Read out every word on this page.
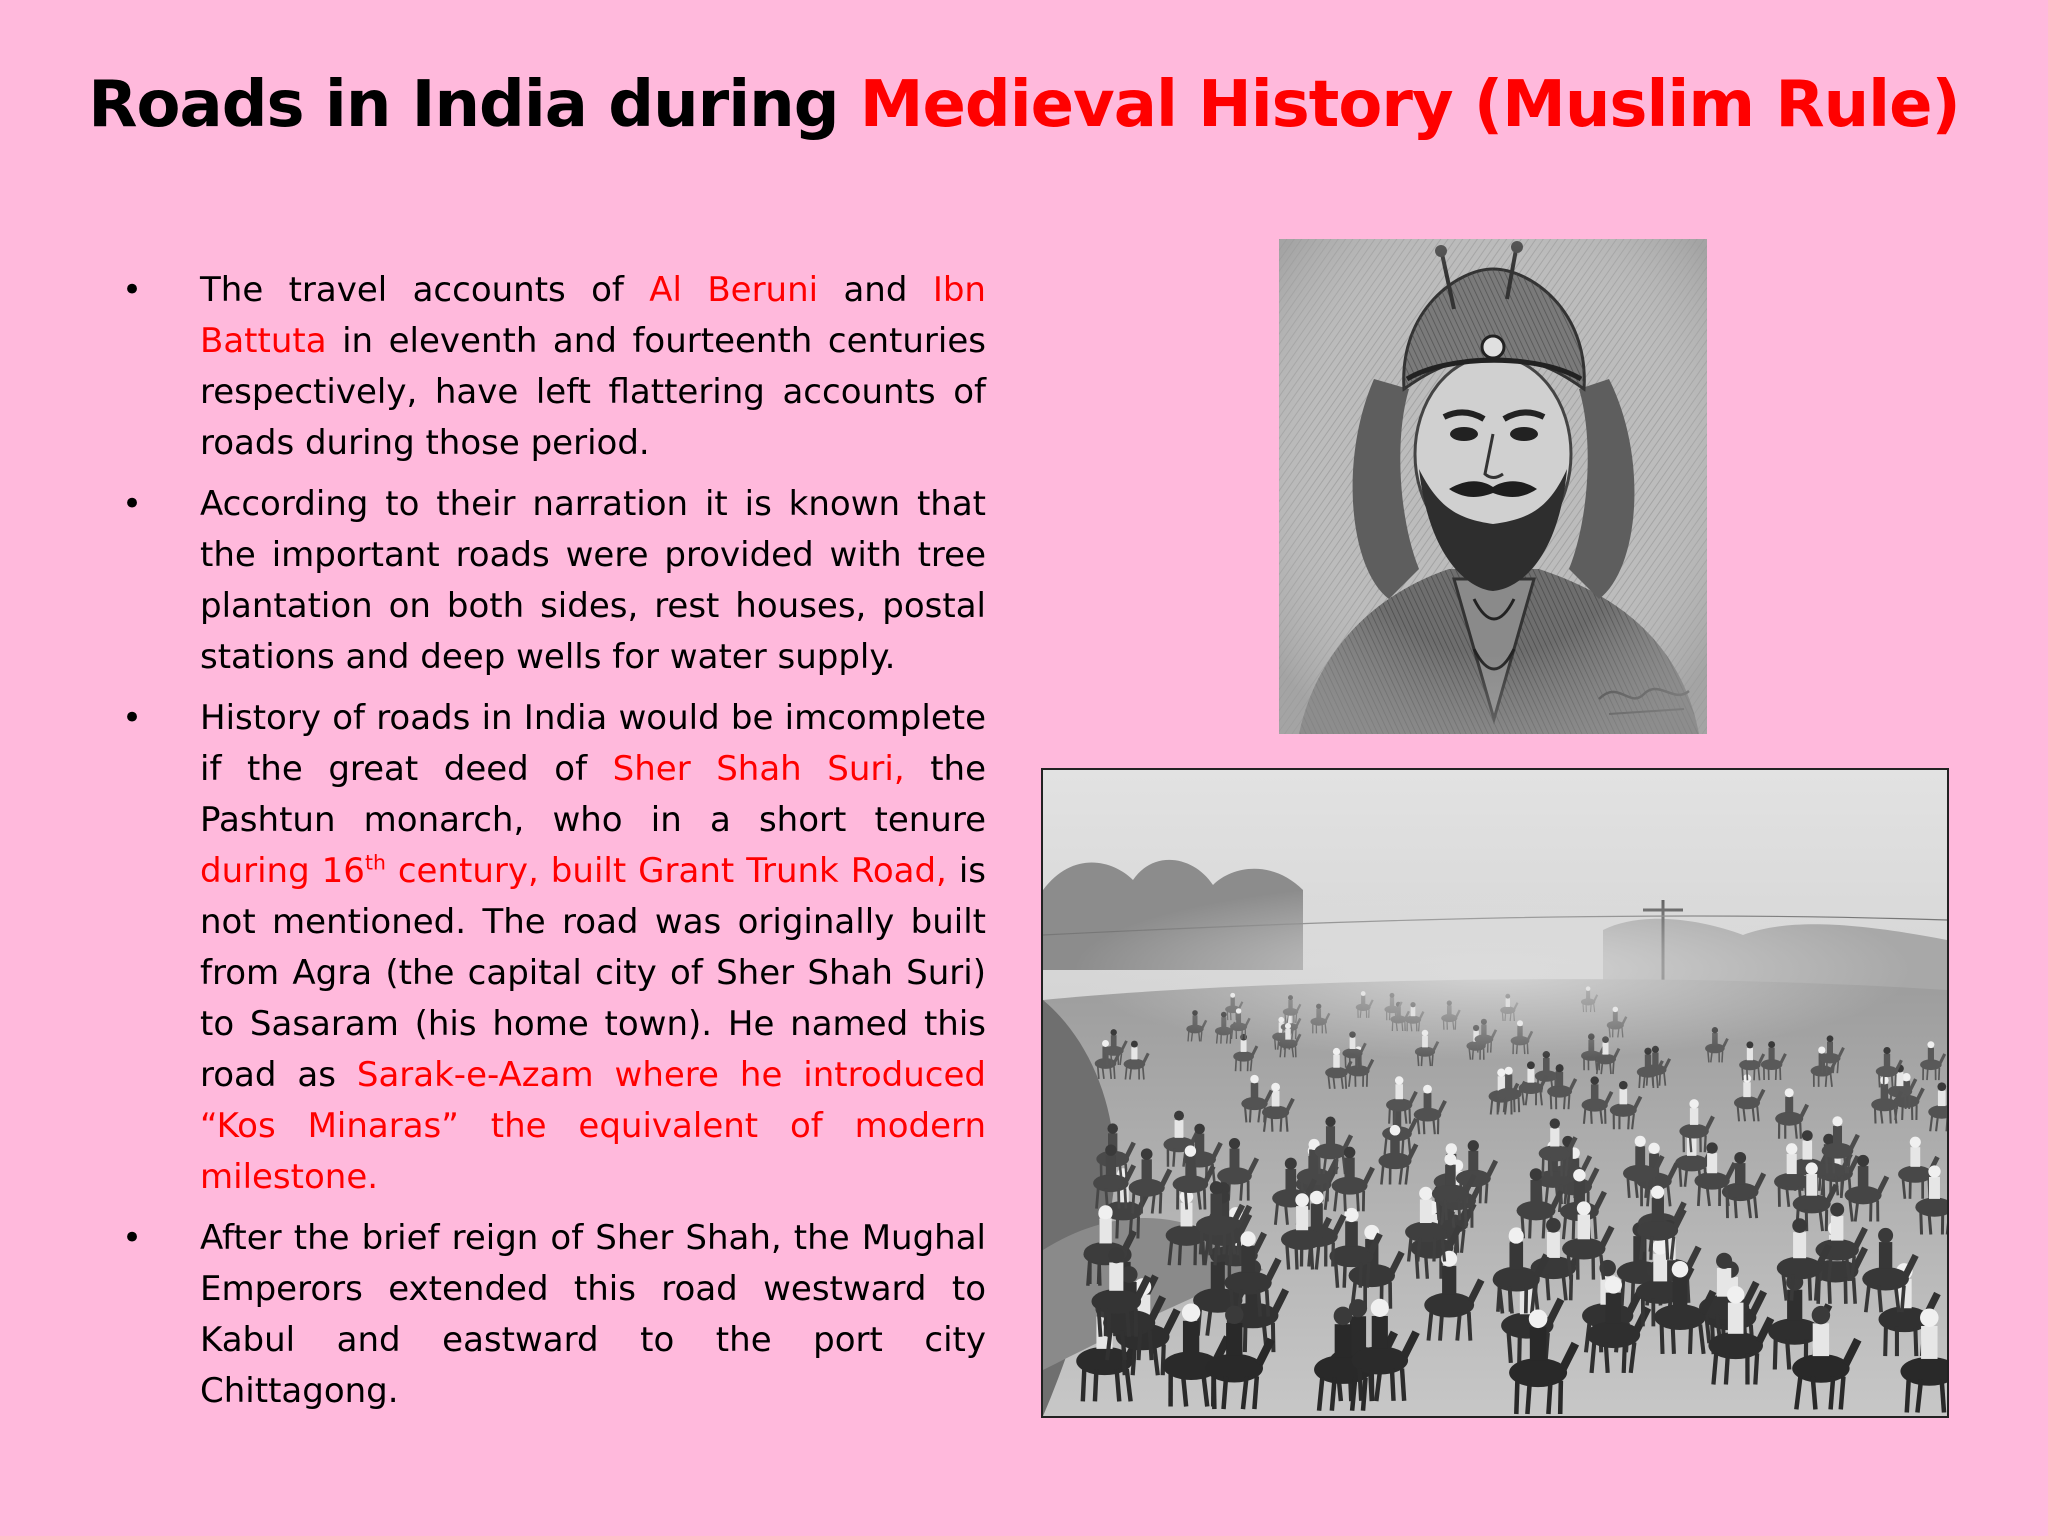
Roads in India during Medieval History (Muslim Rule)
• The travel accounts of Al Beruni and Ibn Battuta in eleventh and fourteenth centuries respectively, have left flattering accounts of roads during those period.
• According to their narration it is known that the important roads were provided with tree plantation on both sides, rest houses, postal stations and deep wells for water supply.
• History of roads in India would be imcomplete if the great deed of Sher Shah Suri, the Pashtun monarch, who in a short tenure during 16th century, built Grant Trunk Road, is not mentioned. The road was originally built from Agra (the capital city of Sher Shah Suri) to Sasaram (his home town). He named this road as Sarak-e-Azam where he introduced “Kos Minaras” the equivalent of modern milestone.
• After the brief reign of Sher Shah, the Mughal Emperors extended this road westward to Kabul and eastward to the port city Chittagong.
